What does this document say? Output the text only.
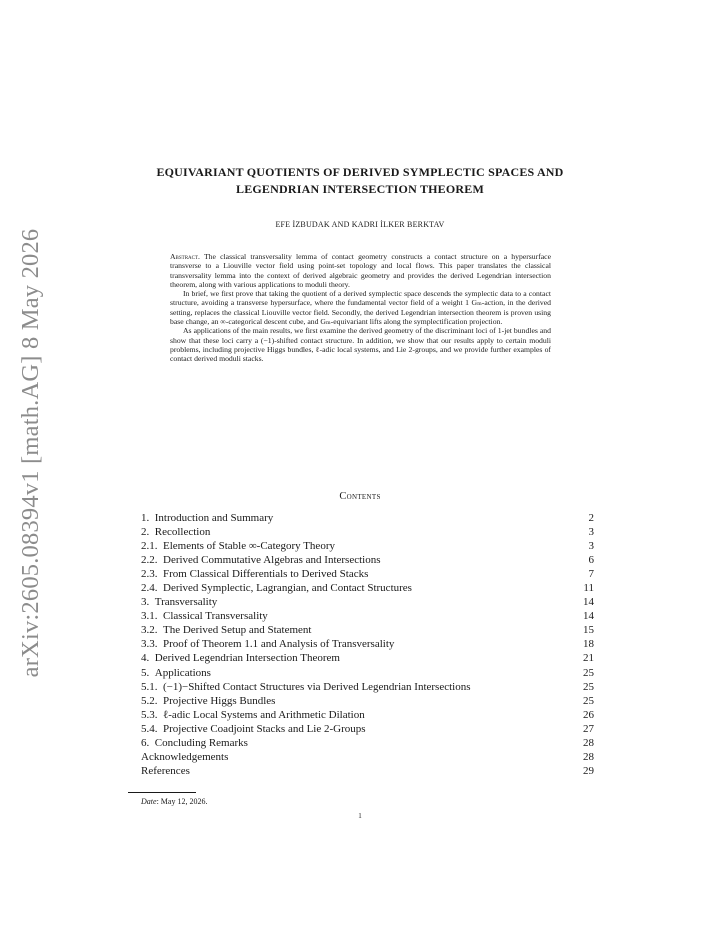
arXiv:2605.08394v1 [math.AG] 8 May 2026
EQUIVARIANT QUOTIENTS OF DERIVED SYMPLECTIC SPACES AND
LEGENDRIAN INTERSECTION THEOREM
EFE İZBUDAK AND KADRI İLKER BERKTAV

Abstract. The classical transversality lemma of contact geometry constructs a contact structure on a hypersurface transverse to a Liouville vector field using point-set topology and local flows. This paper translates the classical transversality lemma into the context of derived algebraic geometry and provides the derived Legendrian intersection theorem, along with various applications to moduli theory.

In brief, we first prove that taking the quotient of a derived symplectic space descends the symplectic data to a contact structure, avoiding a transverse hypersurface, where the fundamental vector field of a weight 1 Gₘ-action, in the derived setting, replaces the classical Liouville vector field. Secondly, the derived Legendrian intersection theorem is proven using base change, an ∞-categorical descent cube, and Gₘ-equivariant lifts along the symplectification projection.

As applications of the main results, we first examine the derived geometry of the discriminant loci of 1-jet bundles and show that these loci carry a (−1)-shifted contact structure. In addition, we show that our results apply to certain moduli problems, including projective Higgs bundles, ℓ-adic local systems, and Lie 2-groups, and we provide further examples of contact derived moduli stacks.

Contents
1.  Introduction and Summary	2
2.  Recollection	3
2.1.  Elements of Stable ∞-Category Theory	3
2.2.  Derived Commutative Algebras and Intersections	6
2.3.  From Classical Differentials to Derived Stacks	7
2.4.  Derived Symplectic, Lagrangian, and Contact Structures	11
3.  Transversality	14
3.1.  Classical Transversality	14
3.2.  The Derived Setup and Statement	15
3.3.  Proof of Theorem 1.1 and Analysis of Transversality	18
4.  Derived Legendrian Intersection Theorem	21
5.  Applications	25
5.1.  (−1)−Shifted Contact Structures via Derived Legendrian Intersections	25
5.2.  Projective Higgs Bundles	25
5.3.  ℓ-adic Local Systems and Arithmetic Dilation	26
5.4.  Projective Coadjoint Stacks and Lie 2-Groups	27
6.  Concluding Remarks	28
Acknowledgements	28
References	29
Date: May 12, 2026.
1
